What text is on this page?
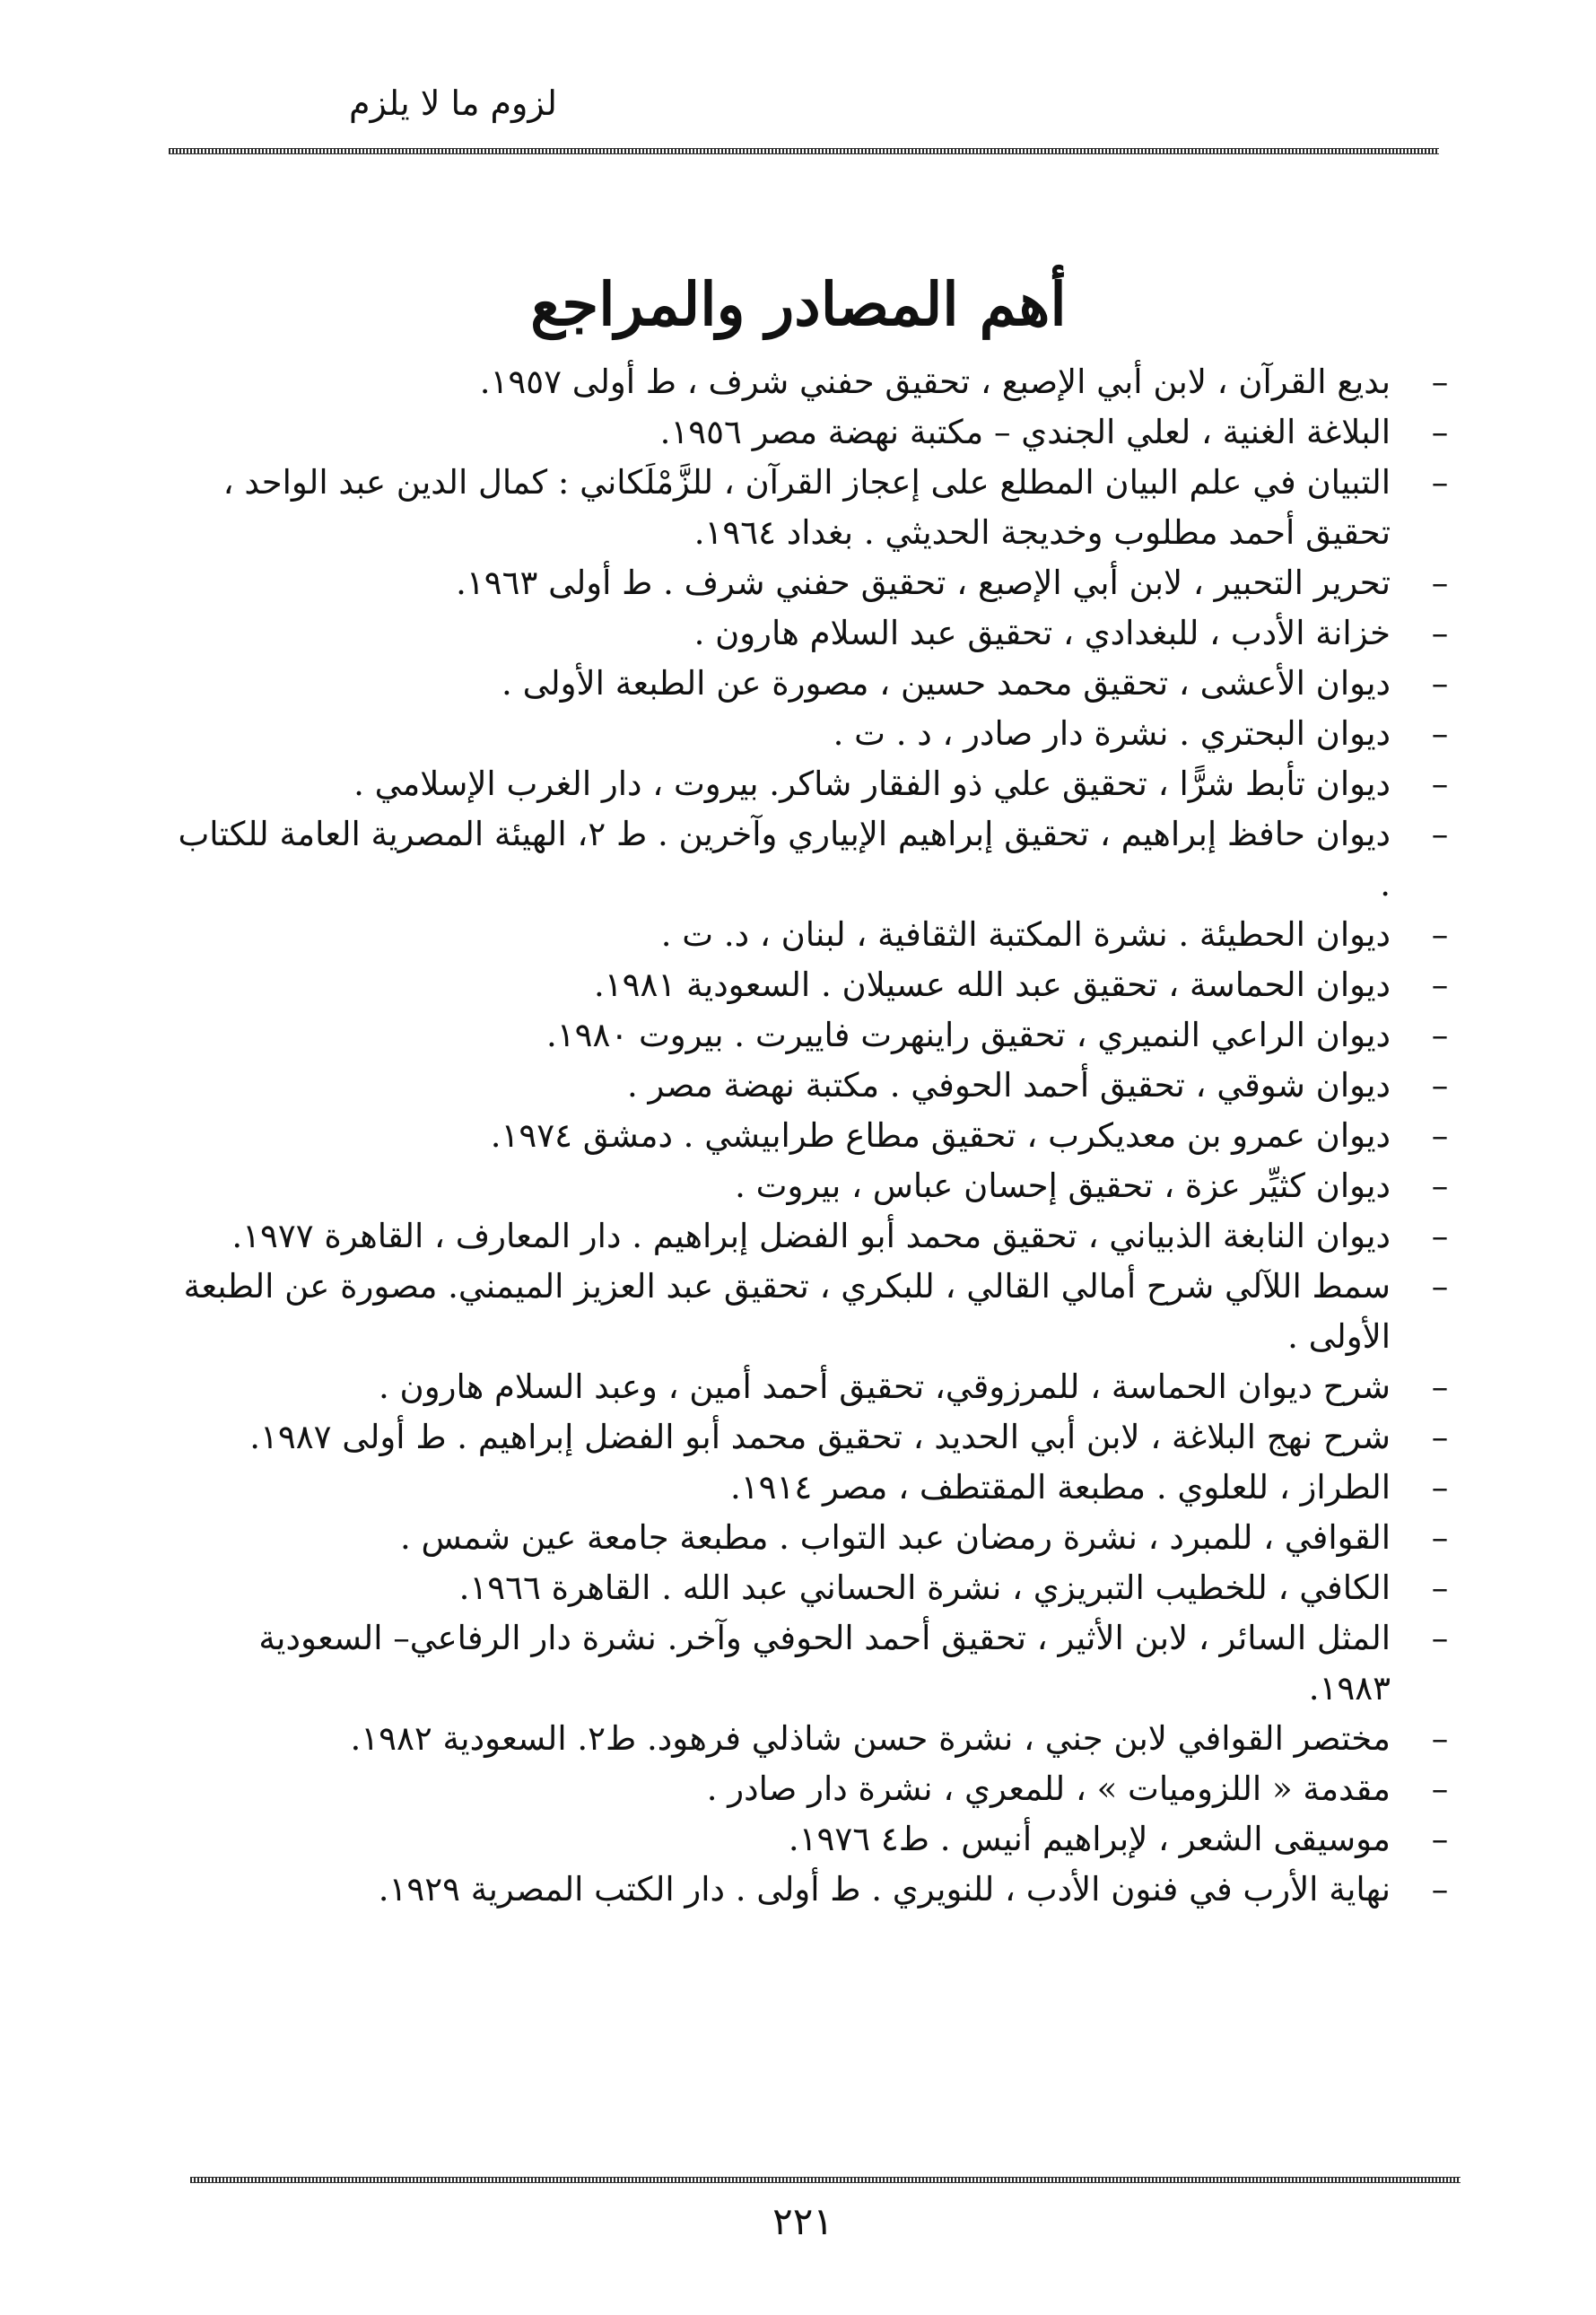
لزوم ما لا يلزم
أهم المصادر والمراجع
–
بديع القرآن ، لابن أبي الإصبع ، تحقيق حفني شرف ، ط أولى ١٩٥٧.
–
البلاغة الغنية ، لعلي الجندي – مكتبة نهضة مصر ١٩٥٦.
–
التبيان في علم البيان المطلع على إعجاز القرآن ، للزَّمْلَكاني : كمال الدين عبد الواحد ، تحقيق أحمد مطلوب وخديجة الحديثي . بغداد ١٩٦٤.
–
تحرير التحبير ، لابن أبي الإصبع ، تحقيق حفني شرف . ط أولى ١٩٦٣.
–
خزانة الأدب ، للبغدادي ، تحقيق عبد السلام هارون .
–
ديوان الأعشى ، تحقيق محمد حسين ، مصورة عن الطبعة الأولى .
–
ديوان البحتري . نشرة دار صادر ، د . ت .
–
ديوان تأبط شرًّا ، تحقيق علي ذو الفقار شاكر. بيروت ، دار الغرب الإسلامي .
–
ديوان حافظ إبراهيم ، تحقيق إبراهيم الإبياري وآخرين . ط ٢، الهيئة المصرية العامة للكتاب .
–
ديوان الحطيئة . نشرة المكتبة الثقافية ، لبنان ، د. ت .
–
ديوان الحماسة ، تحقيق عبد الله عسيلان . السعودية ١٩٨١.
–
ديوان الراعي النميري ، تحقيق راينهرت فاييرت . بيروت ١٩٨٠.
–
ديوان شوقي ، تحقيق أحمد الحوفي . مكتبة نهضة مصر .
–
ديوان عمرو بن معديكرب ، تحقيق مطاع طرابيشي . دمشق ١٩٧٤.
–
ديوان كثيِّر عزة ، تحقيق إحسان عباس ، بيروت .
–
ديوان النابغة الذبياني ، تحقيق محمد أبو الفضل إبراهيم . دار المعارف ، القاهرة ١٩٧٧.
–
سمط اللآلي شرح أمالي القالي ، للبكري ، تحقيق عبد العزيز الميمني. مصورة عن الطبعة الأولى .
–
شرح ديوان الحماسة ، للمرزوقي، تحقيق أحمد أمين ، وعبد السلام هارون .
–
شرح نهج البلاغة ، لابن أبي الحديد ، تحقيق محمد أبو الفضل إبراهيم . ط أولى ١٩٨٧.
–
الطراز ، للعلوي . مطبعة المقتطف ، مصر ١٩١٤.
–
القوافي ، للمبرد ، نشرة رمضان عبد التواب . مطبعة جامعة عين شمس .
–
الكافي ، للخطيب التبريزي ، نشرة الحساني عبد الله . القاهرة ١٩٦٦.
–
المثل السائر ، لابن الأثير ، تحقيق أحمد الحوفي وآخر. نشرة دار الرفاعي– السعودية ١٩٨٣.
–
مختصر القوافي لابن جني ، نشرة حسن شاذلي فرهود. ط٢. السعودية ١٩٨٢.
–
مقدمة « اللزوميات » ، للمعري ، نشرة دار صادر .
–
موسيقى الشعر ، لإبراهيم أنيس . ط٤ ١٩٧٦.
–
نهاية الأرب في فنون الأدب ، للنويري . ط أولى . دار الكتب المصرية ١٩٢٩.
٢٢١
